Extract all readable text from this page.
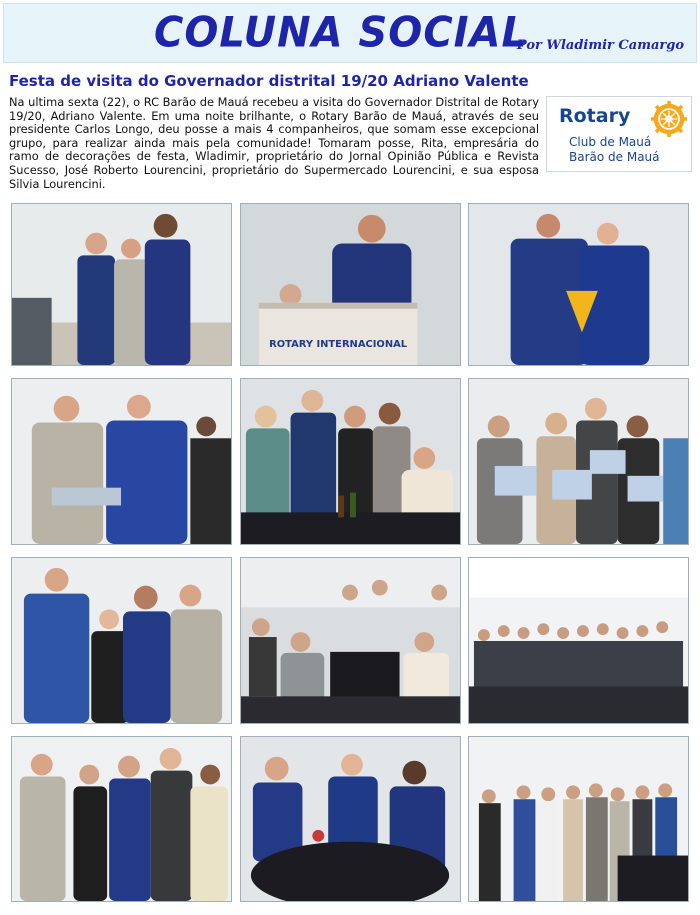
COLUNA SOCIAL
Por Wladimir Camargo
Festa de visita do Governador distrital 19/20 Adriano Valente

Na ultima sexta (22), o RC Barão de Mauá recebeu a visita do Governador Distrital de Rotary 19/20, Adriano Valente. Em uma noite brilhante, o Rotary Barão de Mauá, através de seu presidente Carlos Longo, deu posse a mais 4 companheiros, que somam esse excepcional grupo, para realizar ainda mais pela comunidade! Tomaram posse, Rita, empresária do ramo de decorações de festa, Wladimir, proprietário do Jornal Opinião Pública e Revista Sucesso, José Roberto Lourencini, proprietário do Supermercado Lourencini, e sua esposa Silvia Lourencini.

Rotary
Club de Mauá
Barão de Mauá
ROTARY INTERNACIONAL
